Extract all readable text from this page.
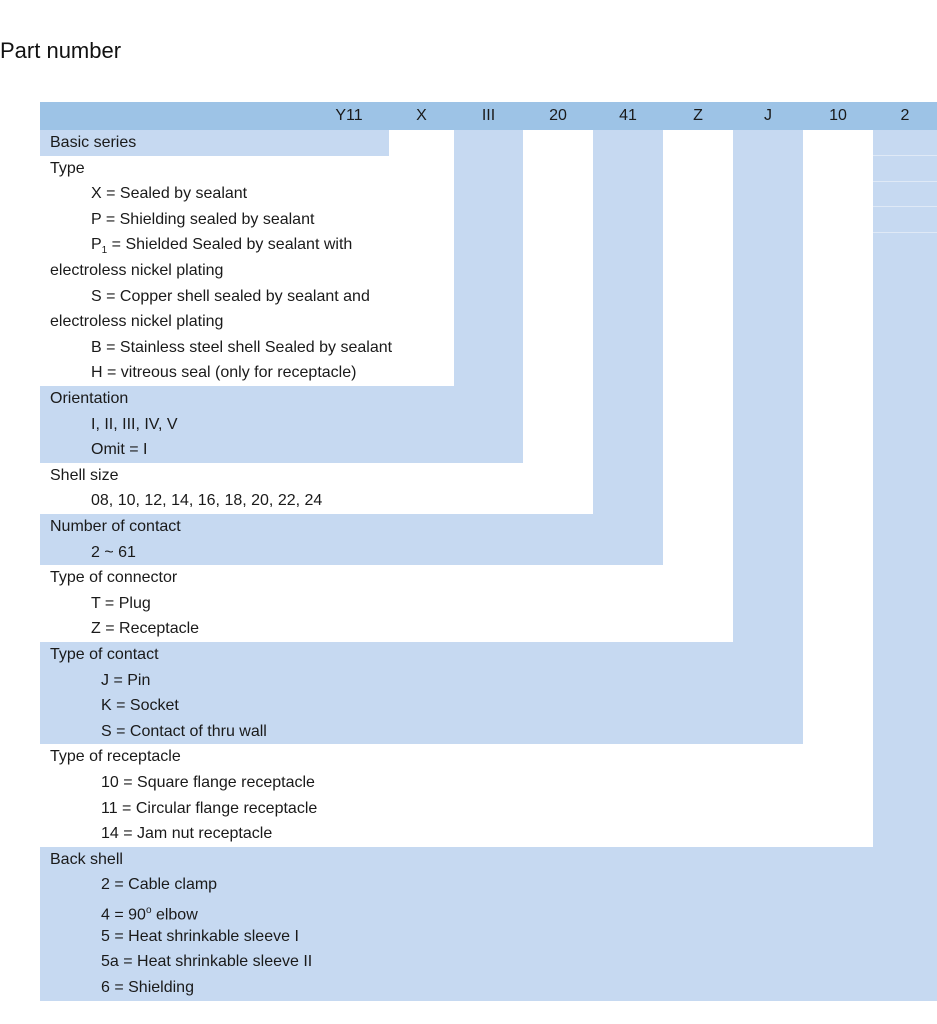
Part number
Y11	X	III	20	41	Z	J	10	2
Basic series
Type
X = Sealed by sealant
P = Shielding sealed by sealant
$P_1$ = Shielded Sealed by sealant with
electroless nickel plating
S = Copper shell sealed by sealant and
electroless nickel plating
B = Stainless steel shell Sealed by sealant
H = vitreous seal (only for receptacle)
Orientation
I, II, III, IV, V
Omit = I
Shell size
08, 10, 12, 14, 16, 18, 20, 22, 24
Number of contact
2 ~ 61
Type of connector
T = Plug
Z = Receptacle
Type of contact
J = Pin
K = Socket
S = Contact of thru wall
Type of receptacle
10 = Square flange receptacle
11 = Circular flange receptacle
14 = Jam nut receptacle
Back shell
2 = Cable clamp
$4 = 90^o$ elbow
5 = Heat shrinkable sleeve I
5a = Heat shrinkable sleeve II
6 = Shielding
